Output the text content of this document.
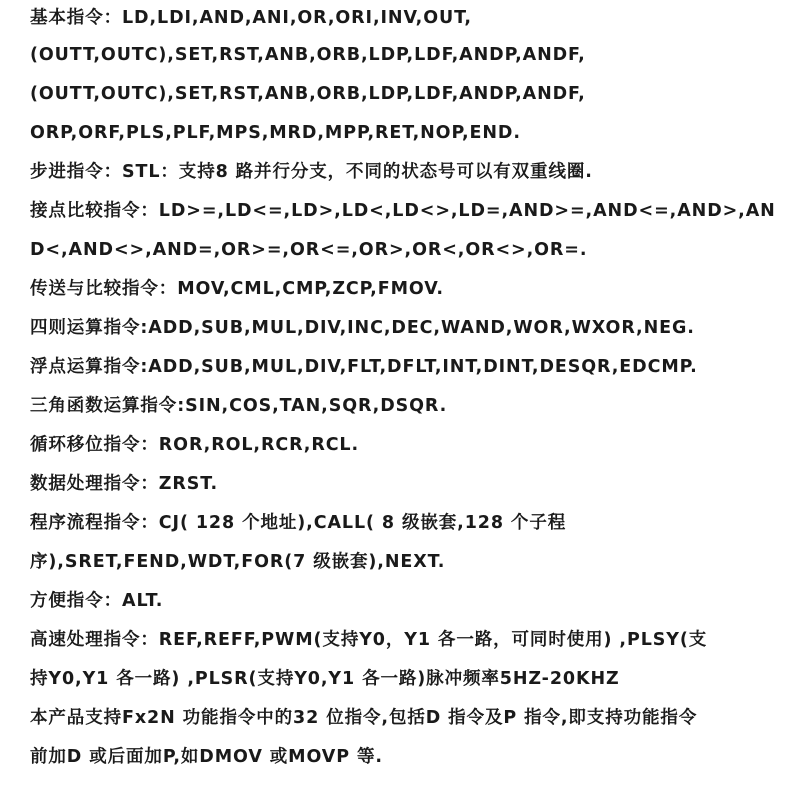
基本指令：LD,LDI,AND,ANI,OR,ORI,INV,OUT,
(OUTT,OUTC),SET,RST,ANB,ORB,LDP,LDF,ANDP,ANDF,
(OUTT,OUTC),SET,RST,ANB,ORB,LDP,LDF,ANDP,ANDF,
ORP,ORF,PLS,PLF,MPS,MRD,MPP,RET,NOP,END.
步进指令：STL：支持8 路并行分支，不同的状态号可以有双重线圈.
接点比较指令：LD>=,LD<=,LD>,LD<,LD<>,LD=,AND>=,AND<=,AND>,AN
D<,AND<>,AND=,OR>=,OR<=,OR>,OR<,OR<>,OR=.
传送与比较指令：MOV,CML,CMP,ZCP,FMOV.
四则运算指令:ADD,SUB,MUL,DIV,INC,DEC,WAND,WOR,WXOR,NEG.
浮点运算指令:ADD,SUB,MUL,DIV,FLT,DFLT,INT,DINT,DESQR,EDCMP.
三角函数运算指令:SIN,COS,TAN,SQR,DSQR.
循环移位指令：ROR,ROL,RCR,RCL.
数据处理指令：ZRST.
程序流程指令：CJ( 128 个地址),CALL( 8 级嵌套,128 个子程
序),SRET,FEND,WDT,FOR(7 级嵌套),NEXT.
方便指令：ALT.
高速处理指令：REF,REFF,PWM(支持Y0，Y1 各一路，可同时使用) ,PLSY(支
持Y0,Y1 各一路) ,PLSR(支持Y0,Y1 各一路)脉冲频率5HZ-20KHZ
本产品支持Fx2N 功能指令中的32 位指令,包括D 指令及P 指令,即支持功能指令
前加D 或后面加P,如DMOV 或MOVP 等.
